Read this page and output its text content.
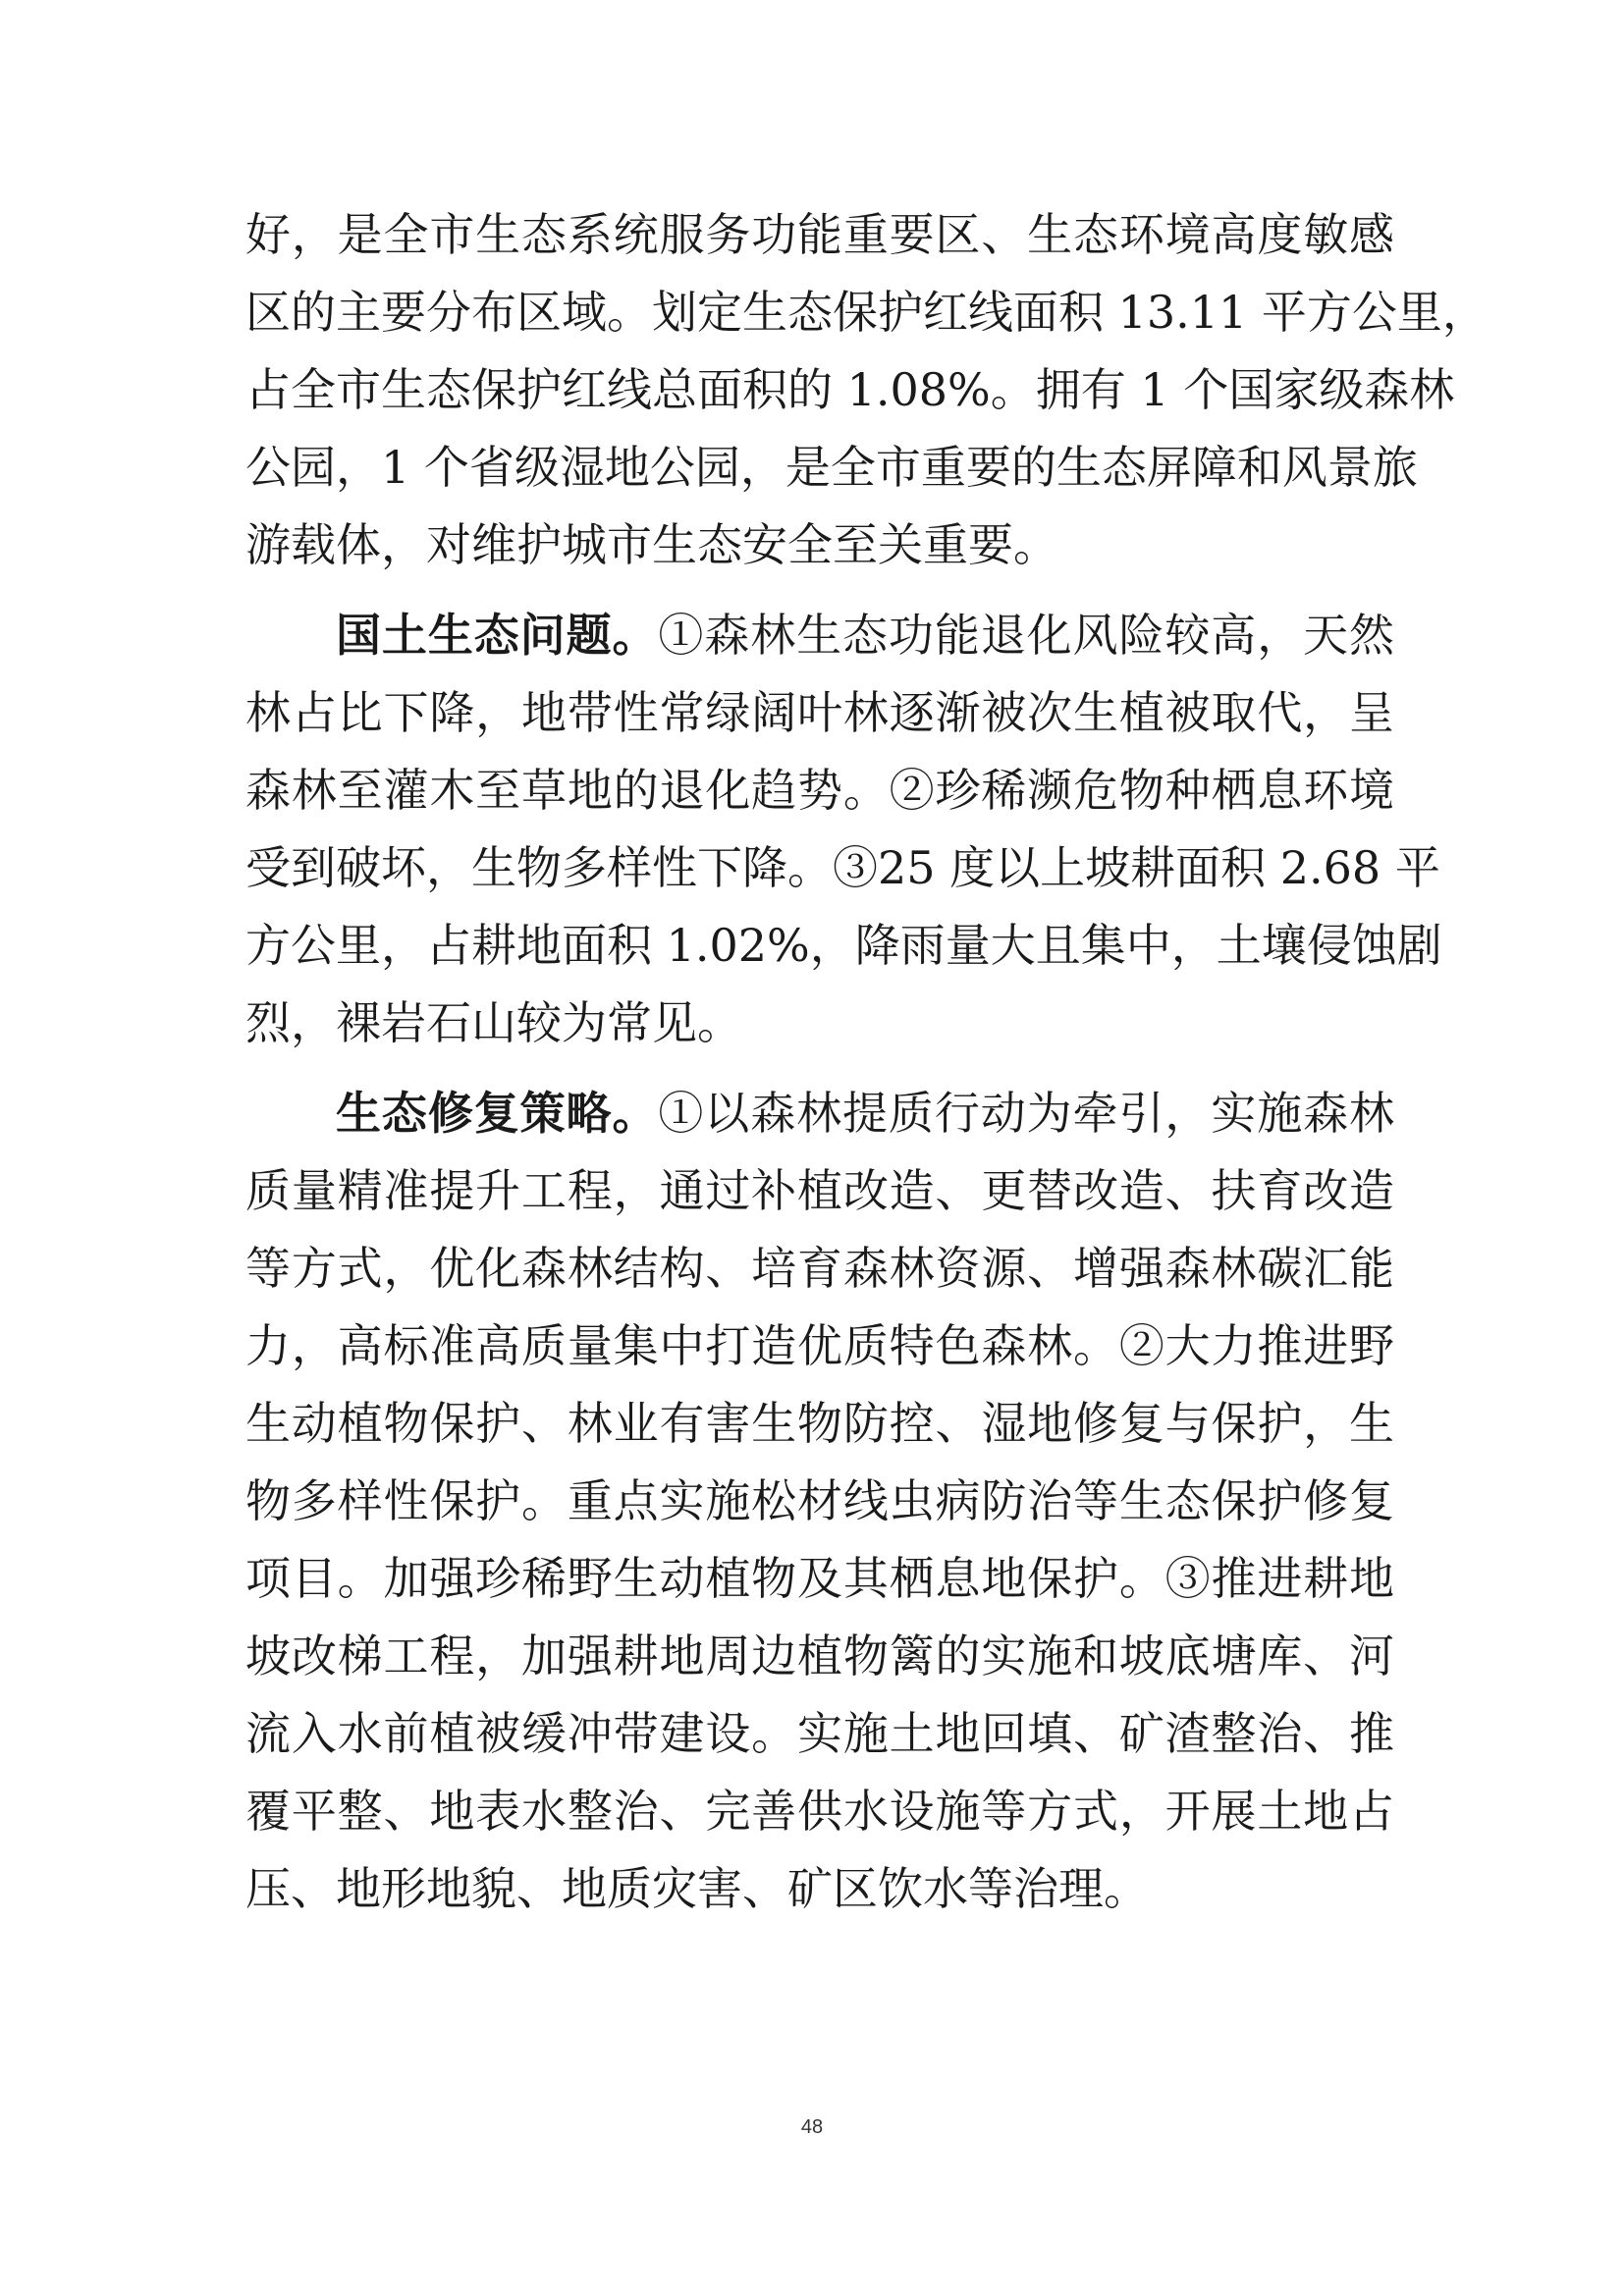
好，是全市生态系统服务功能重要区、生态环境高度敏感
区的主要分布区域。划定生态保护红线面积 13.11 平方公里，
占全市生态保护红线总面积的 1.08%。拥有 1 个国家级森林
公园，1 个省级湿地公园，是全市重要的生态屏障和风景旅
游载体，对维护城市生态安全至关重要。
国土生态问题。①森林生态功能退化风险较高，天然
林占比下降，地带性常绿阔叶林逐渐被次生植被取代，呈
森林至灌木至草地的退化趋势。②珍稀濒危物种栖息环境
受到破坏，生物多样性下降。③25 度以上坡耕面积 2.68 平
方公里，占耕地面积 1.02%，降雨量大且集中，土壤侵蚀剧
烈，裸岩石山较为常见。
生态修复策略。①以森林提质行动为牵引，实施森林
质量精准提升工程，通过补植改造、更替改造、扶育改造
等方式，优化森林结构、培育森林资源、增强森林碳汇能
力，高标准高质量集中打造优质特色森林。②大力推进野
生动植物保护、林业有害生物防控、湿地修复与保护，生
物多样性保护。重点实施松材线虫病防治等生态保护修复
项目。加强珍稀野生动植物及其栖息地保护。③推进耕地
坡改梯工程，加强耕地周边植物篱的实施和坡底塘库、河
流入水前植被缓冲带建设。实施土地回填、矿渣整治、推
覆平整、地表水整治、完善供水设施等方式，开展土地占
压、地形地貌、地质灾害、矿区饮水等治理。
48
